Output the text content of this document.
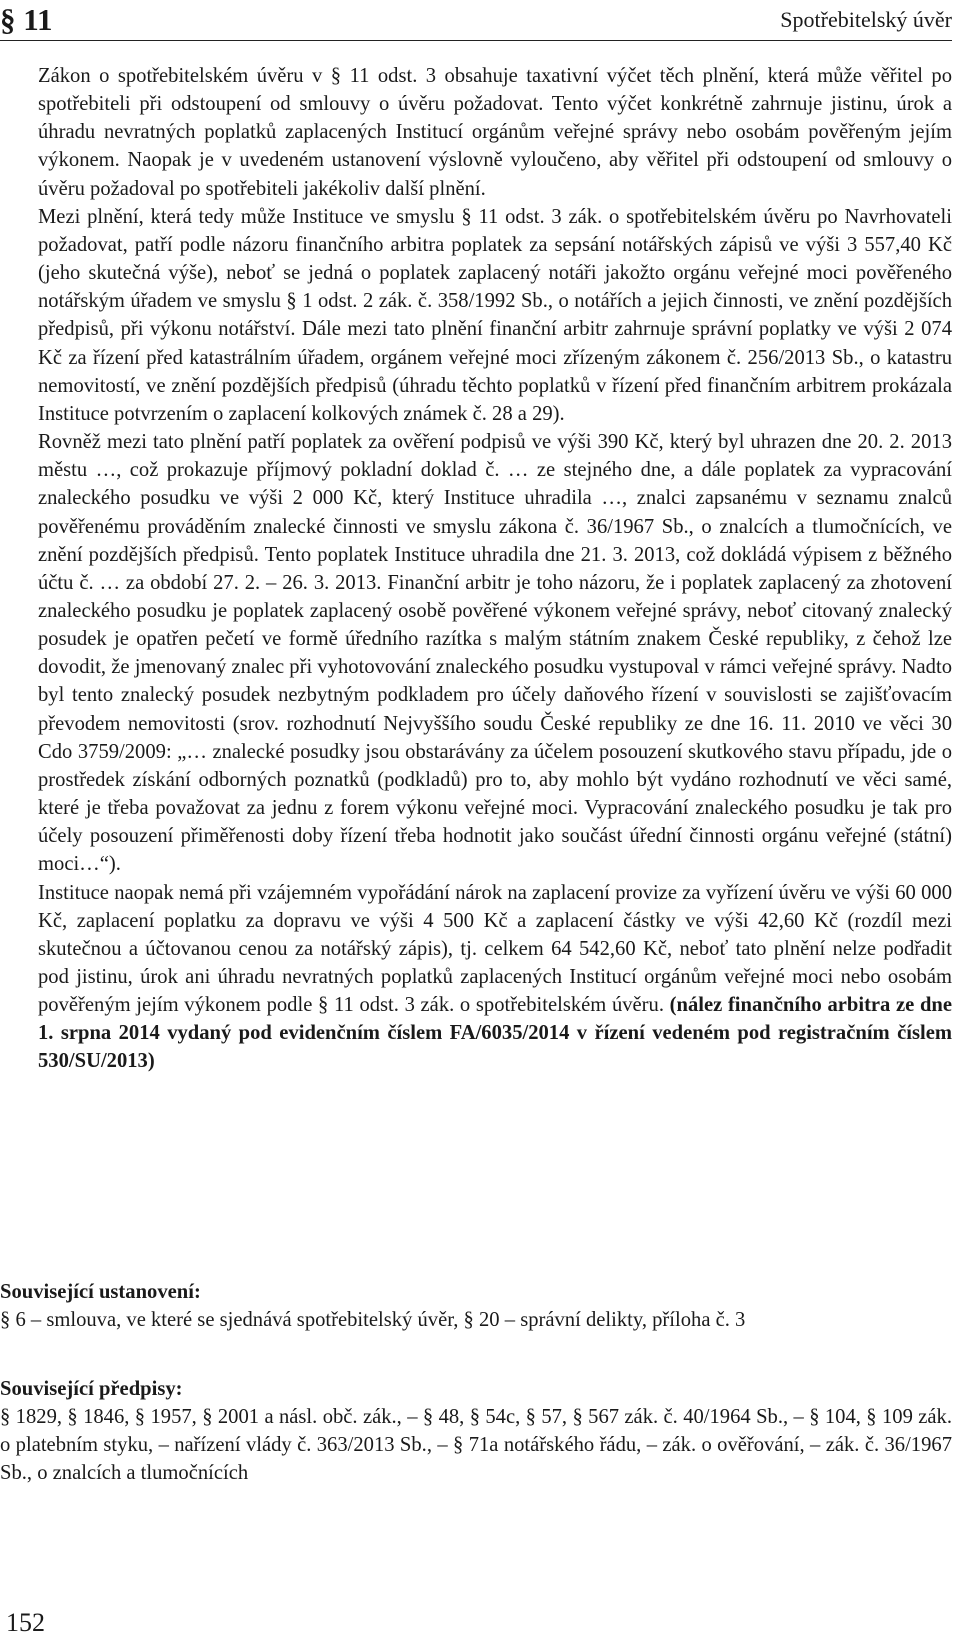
§ 11	Spotřebitelský úvěr

Zákon o spotřebitelském úvěru v § 11 odst. 3 obsahuje taxativní výčet těch plnění, která může věřitel po spotřebiteli při odstoupení od smlouvy o úvěru požadovat. Tento výčet konkrétně zahrnuje jistinu, úrok a úhradu nevratných poplatků zaplacených Institucí orgánům veřejné správy nebo osobám pověřeným jejím výkonem. Naopak je v uvedeném ustanovení výslovně vyloučeno, aby věřitel při odstoupení od smlouvy o úvěru požadoval po spotřebiteli jakékoliv další plnění.

Mezi plnění, která tedy může Instituce ve smyslu § 11 odst. 3 zák. o spotřebitelském úvěru po Navrhovateli požadovat, patří podle názoru finančního arbitra poplatek za sepsání notářských zápisů ve výši 3 557,40 Kč (jeho skutečná výše), neboť se jedná o poplatek zaplacený notáři jakožto orgánu veřejné moci pověřeného notářským úřadem ve smyslu § 1 odst. 2 zák. č. 358/1992 Sb., o notářích a jejich činnosti, ve znění pozdějších předpisů, při výkonu notářství. Dále mezi tato plnění finanční arbitr zahrnuje správní poplatky ve výši 2 074 Kč za řízení před katastrálním úřadem, orgánem veřejné moci zřízeným zákonem č. 256/2013 Sb., o katastru nemovitostí, ve znění pozdějších předpisů (úhradu těchto poplatků v řízení před finančním arbitrem prokázala Instituce potvrzením o zaplacení kolkových známek č. 28 a 29).

Rovněž mezi tato plnění patří poplatek za ověření podpisů ve výši 390 Kč, který byl uhrazen dne 20. 2. 2013 městu …, což prokazuje příjmový pokladní doklad č. … ze stejného dne, a dále poplatek za vypracování znaleckého posudku ve výši 2 000 Kč, který Instituce uhradila …, znalci zapsanému v seznamu znalců pověřenému prováděním znalecké činnosti ve smyslu zákona č. 36/1967 Sb., o znalcích a tlumočnících, ve znění pozdějších předpisů. Tento poplatek Instituce uhradila dne 21. 3. 2013, což dokládá výpisem z běžného účtu č. … za období 27. 2. – 26. 3. 2013. Finanční arbitr je toho názoru, že i poplatek zaplacený za zhotovení znaleckého posudku je poplatek zaplacený osobě pověřené výkonem veřejné správy, neboť citovaný znalecký posudek je opatřen pečetí ve formě úředního razítka s malým státním znakem České republiky, z čehož lze dovodit, že jmenovaný znalec při vyhotovování znaleckého posudku vystupoval v rámci veřejné správy. Nadto byl tento znalecký posudek nezbytným podkladem pro účely daňového řízení v souvislosti se zajišťovacím převodem nemovitosti (srov. rozhodnutí Nejvyššího soudu České republiky ze dne 16. 11. 2010 ve věci 30 Cdo 3759/2009: „… znalecké posudky jsou obstarávány za účelem posouzení skutkového stavu případu, jde o prostředek získání odborných poznatků (podkladů) pro to, aby mohlo být vydáno rozhodnutí ve věci samé, které je třeba považovat za jednu z forem výkonu veřejné moci. Vypracování znaleckého posudku je tak pro účely posouzení přiměřenosti doby řízení třeba hodnotit jako součást úřední činnosti orgánu veřejné (státní) moci…“).

Instituce naopak nemá při vzájemném vypořádání nárok na zaplacení provize za vyřízení úvěru ve výši 60 000 Kč, zaplacení poplatku za dopravu ve výši 4 500 Kč a zaplacení částky ve výši 42,60 Kč (rozdíl mezi skutečnou a účtovanou cenou za notářský zápis), tj. celkem 64 542,60 Kč, neboť tato plnění nelze podřadit pod jistinu, úrok ani úhradu nevratných poplatků zaplacených Institucí orgánům veřejné moci nebo osobám pověřeným jejím výkonem podle § 11 odst. 3 zák. o spotřebitelském úvěru. (nález finančního arbitra ze dne 1. srpna 2014 vydaný pod evidenčním číslem FA/6035/2014 v řízení vedeném pod registračním číslem 530/SU/2013)

Související ustanovení:
§ 6 – smlouva, ve které se sjednává spotřebitelský úvěr, § 20 – správní delikty, příloha č. 3
Související předpisy:
§ 1829, § 1846, § 1957, § 2001 a násl. obč. zák., – § 48, § 54c, § 57, § 567 zák. č. 40/1964 Sb., – § 104, § 109 zák. o platebním styku, – nařízení vlády č. 363/2013 Sb., – § 71a notářského řádu, – zák. o ověřování, – zák. č. 36/1967 Sb., o znalcích a tlumočnících
152
